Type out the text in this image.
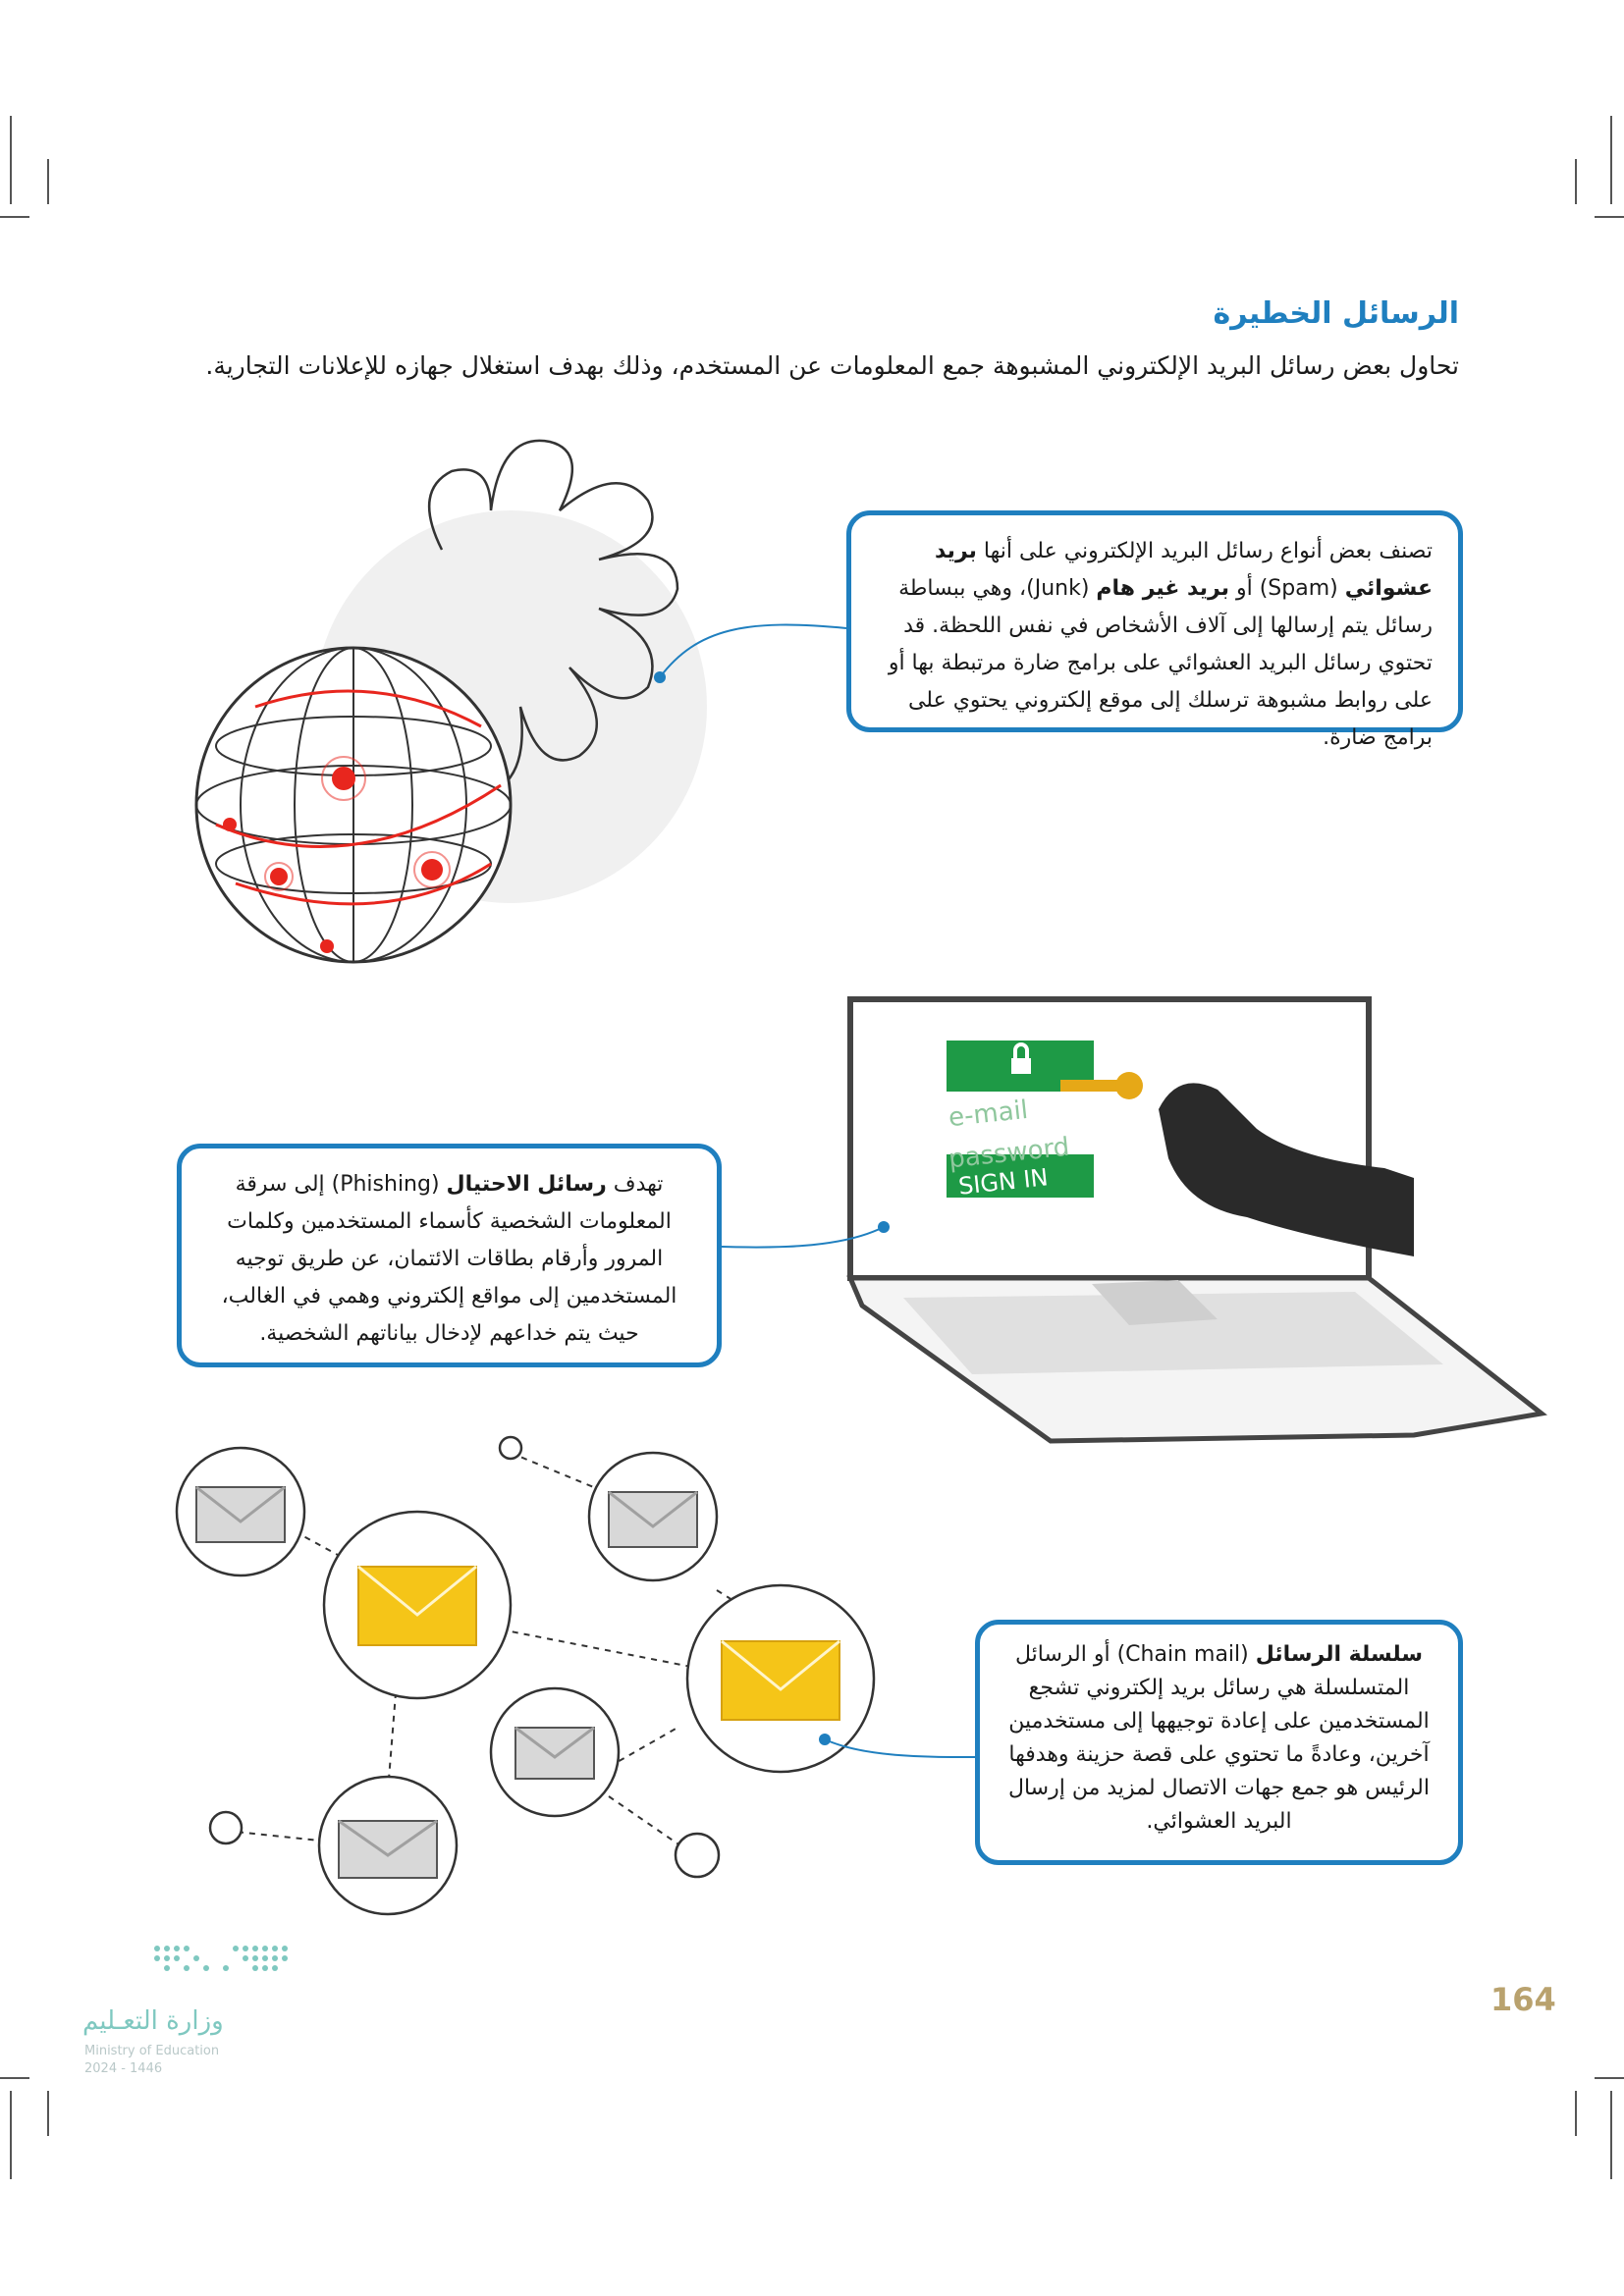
الرسائل الخطيرة
تحاول بعض رسائل البريد الإلكتروني المشبوهة جمع المعلومات عن المستخدم، وذلك بهدف استغلال جهازه للإعلانات التجارية.
e-mail
password
SIGN IN
تصنف بعض أنواع رسائل البريد الإلكتروني على أنها بريد عشوائي (Spam) أو بريد غير هام (Junk)، وهي ببساطة رسائل يتم إرسالها إلى آلاف الأشخاص في نفس اللحظة. قد تحتوي رسائل البريد العشوائي على برامج ضارة مرتبطة بها أو على روابط مشبوهة ترسلك إلى موقع إلكتروني يحتوي على برامج ضارة.
تهدف رسائل الاحتيال (Phishing) إلى سرقة المعلومات الشخصية كأسماء المستخدمين وكلمات المرور وأرقام بطاقات الائتمان، عن طريق توجيه المستخدمين إلى مواقع إلكتروني وهمي في الغالب، حيث يتم خداعهم لإدخال بياناتهم الشخصية.
سلسلة الرسائل (Chain mail) أو الرسائل المتسلسلة هي رسائل بريد إلكتروني تشجع المستخدمين على إعادة توجيهها إلى مستخدمين آخرين، وعادةً ما تحتوي على قصة حزينة وهدفها الرئيس هو جمع جهات الاتصال لمزيد من إرسال البريد العشوائي.
164
وزارة التعـليم
Ministry of Education
2024 - 1446
